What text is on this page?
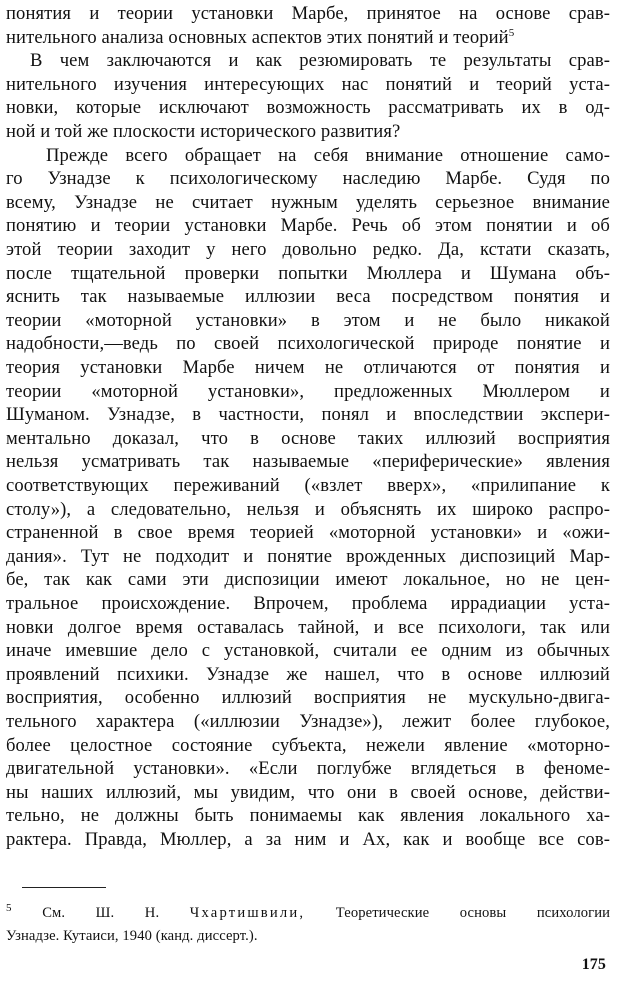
понятия и теории установки Марбе, принятое на основе срав-

нительного анализа основных аспектов этих понятий и теорий$^5$

В чем заключаются и как резюмировать те результаты срав-

нительного изучения интересующих нас понятий и теорий уста-

новки, которые исключают возможность рассматривать их в од-

ной и той же плоскости исторического развития?

Прежде всего обращает на себя внимание отношение само-

го Узнадзе к психологическому наследию Марбе. Судя по

всему, Узнадзе не считает нужным уделять серьезное внимание

понятию и теории установки Марбе. Речь об этом понятии и об

этой теории заходит у него довольно редко. Да, кстати сказать,

после тщательной проверки попытки Мюллера и Шумана объ-

яснить так называемые иллюзии веса посредством понятия и

теории «моторной установки» в этом и не было никакой

надобности,—ведь по своей психологической природе понятие и

теория установки Марбе ничем не отличаются от понятия и

теории «моторной установки», предложенных Мюллером и

Шуманом. Узнадзе, в частности, понял и впоследствии экспери-

ментально доказал, что в основе таких иллюзий восприятия

нельзя усматривать так называемые «периферические» явления

соответствующих переживаний («взлет вверх», «прилипание к

столу»), а следовательно, нельзя и объяснять их широко распро-

страненной в свое время теорией «моторной установки» и «ожи-

дания». Тут не подходит и понятие врожденных диспозиций Мар-

бе, так как сами эти диспозиции имеют локальное, но не цен-

тральное происхождение. Впрочем, проблема иррадиации уста-

новки долгое время оставалась тайной, и все психологи, так или

иначе имевшие дело с установкой, считали ее одним из обычных

проявлений психики. Узнадзе же нашел, что в основе иллюзий

восприятия, особенно иллюзий восприятия не мускульно-двига-

тельного характера («иллюзии Узнадзе»), лежит более глубокое,

более целостное состояние субъекта, нежели явление «моторно-

двигательной установки». «Если поглубже вглядеться в феноме-

ны наших иллюзий, мы увидим, что они в своей основе, действи-

тельно, не должны быть понимаемы как явления локального ха-

рактера. Правда, Мюллер, а за ним и Ах, как и вообще все сов-

$^5$ См. Ш. Н. Чхартишвили, Теоретические основы психологии

Узнадзе. Кутаиси, 1940 (канд. диссерт.).

175
